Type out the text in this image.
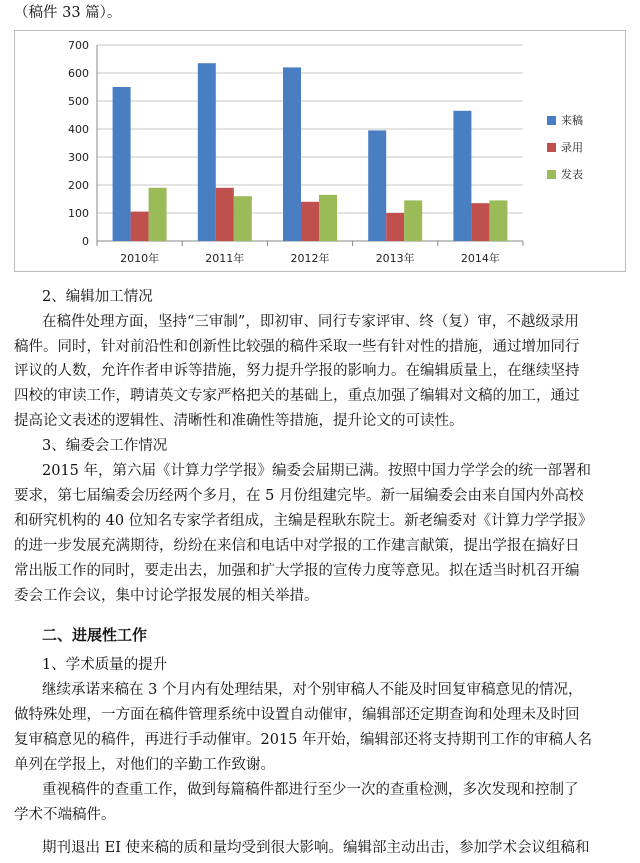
（稿件 33 篇）。
0
100
200
300
400
500
600
700
2010年	2011年	2012年	2013年	2014年
来稿
录用
发表
2、编辑加工情况
在稿件处理方面，坚持“三审制”，即初审、同行专家评审、终（复）审，不越级录用
稿件。同时，针对前沿性和创新性比较强的稿件采取一些有针对性的措施，通过增加同行
评议的人数，允许作者申诉等措施，努力提升学报的影响力。在编辑质量上，在继续坚持
四校的审读工作，聘请英文专家严格把关的基础上，重点加强了编辑对文稿的加工，通过
提高论文表述的逻辑性、清晰性和准确性等措施，提升论文的可读性。
3、编委会工作情况
2015 年，第六届《计算力学学报》编委会届期已满。按照中国力学学会的统一部署和
要求，第七届编委会历经两个多月，在 5 月份组建完毕。新一届编委会由来自国内外高校
和研究机构的 40 位知名专家学者组成，主编是程耿东院士。新老编委对《计算力学学报》
的进一步发展充满期待，纷纷在来信和电话中对学报的工作建言献策，提出学报在搞好日
常出版工作的同时，要走出去，加强和扩大学报的宣传力度等意见。拟在适当时机召开编
委会工作会议，集中讨论学报发展的相关举措。
二、进展性工作
1、学术质量的提升
继续承诺来稿在 3 个月内有处理结果，对个别审稿人不能及时回复审稿意见的情况，
做特殊处理，一方面在稿件管理系统中设置自动催审，编辑部还定期查询和处理未及时回
复审稿意见的稿件，再进行手动催审。2015 年开始，编辑部还将支持期刊工作的审稿人名
单列在学报上，对他们的辛勤工作致谢。
重视稿件的查重工作，做到每篇稿件都进行至少一次的查重检测，多次发现和控制了
学术不端稿件。
期刊退出 EI 使来稿的质和量均受到很大影响。编辑部主动出击，参加学术会议组稿和
